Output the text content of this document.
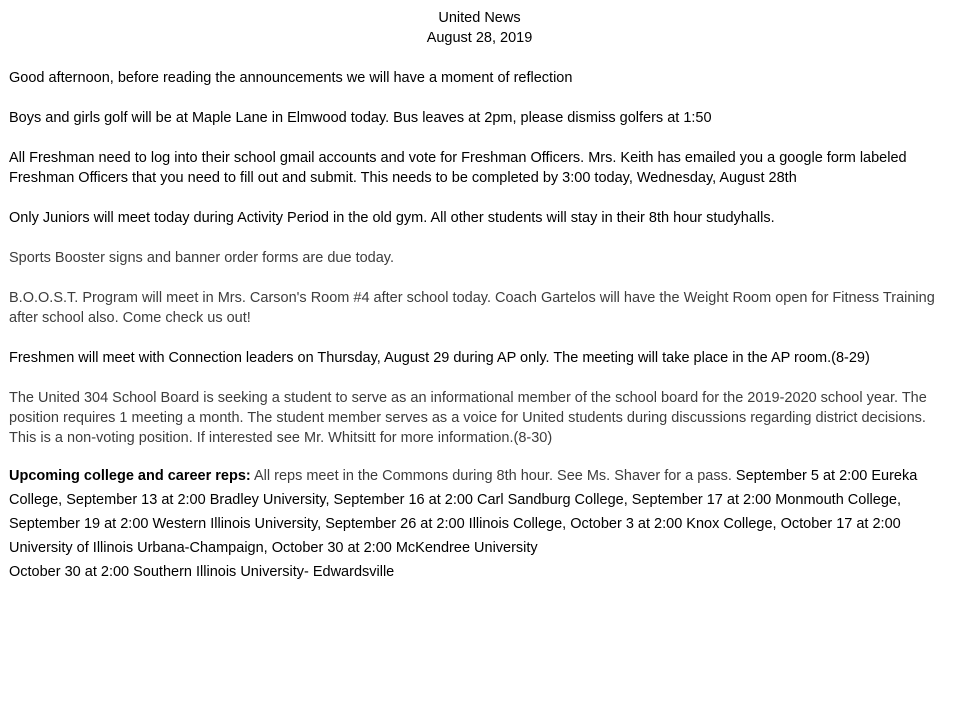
United News
August 28, 2019

Good afternoon, before reading the announcements we will have a moment of reflection

Boys and girls golf will be at Maple Lane in Elmwood today. Bus leaves at 2pm, please dismiss golfers at 1:50

All Freshman need to log into their school gmail accounts and vote for Freshman Officers. Mrs. Keith has emailed you a google form labeled Freshman Officers that you need to fill out and submit. This needs to be completed by 3:00 today, Wednesday, August 28th

Only Juniors will meet today during Activity Period in the old gym. All other students will stay in their 8th hour studyhalls.

Sports Booster signs and banner order forms are due today.

B.O.O.S.T. Program will meet in Mrs. Carson's Room #4 after school today. Coach Gartelos will have the Weight Room open for Fitness Training after school also. Come check us out!

Freshmen will meet with Connection leaders on Thursday, August 29 during AP only. The meeting will take place in the AP room.(8-29)

The United 304 School Board is seeking a student to serve as an informational member of the school board for the 2019-2020 school year. The position requires 1 meeting a month. The student member serves as a voice for United students during discussions regarding district decisions. This is a non-voting position. If interested see Mr. Whitsitt for more information.(8-30)

Upcoming college and career reps: All reps meet in the Commons during 8th hour. See Ms. Shaver for a pass. September 5 at 2:00 Eureka College, September 13 at 2:00 Bradley University, September 16 at 2:00 Carl Sandburg College, September 17 at 2:00 Monmouth College, September 19 at 2:00 Western Illinois University, September 26 at 2:00 Illinois College, October 3 at 2:00 Knox College, October 17 at 2:00 University of Illinois Urbana-Champaign, October 30 at 2:00 McKendree University
October 30 at 2:00 Southern Illinois University- Edwardsville
